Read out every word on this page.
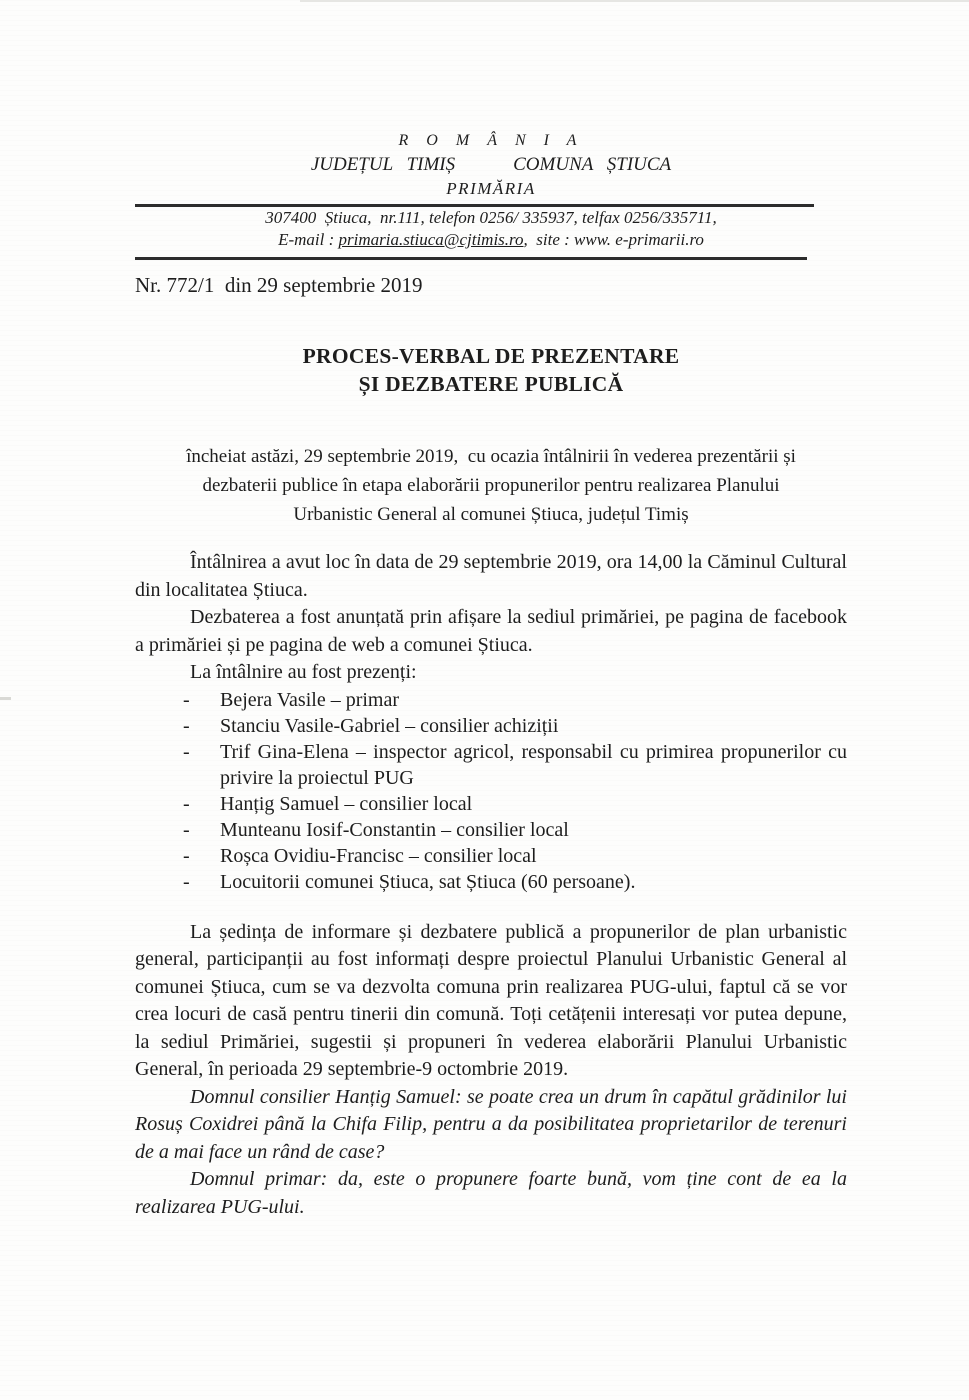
R O M Â N I A
JUDEȚUL TIMIȘ	COMUNA ȘTIUCA
PRIMĂRIA
307400  Știuca,  nr.111, telefon 0256/ 335937, telfax 0256/335711,
E-mail : primaria.stiuca@cjtimis.ro,  site : www. e-primarii.ro
Nr. 772/1  din 29 septembrie 2019
PROCES-VERBAL DE PREZENTARE
ȘI DEZBATERE PUBLICĂ
încheiat astăzi, 29 septembrie 2019,  cu ocazia întâlnirii în vederea prezentării și
dezbaterii publice în etapa elaborării propunerilor pentru realizarea Planului
Urbanistic General al comunei Știuca, județul Timiș

Întâlnirea a avut loc în data de 29 septembrie 2019, ora 14,00 la Căminul Cultural din localitatea Știuca.

Dezbaterea a fost anunțată prin afișare la sediul primăriei, pe pagina de facebook a primăriei și pe pagina de web a comunei Știuca.

La întâlnire au fost prezenți:

-	Bejera Vasile – primar
-	Stanciu Vasile-Gabriel – consilier achiziții
-	Trif Gina-Elena – inspector agricol, responsabil cu primirea propunerilor cu privire la proiectul PUG
-	Hanțig Samuel – consilier local
-	Munteanu Iosif-Constantin – consilier local
-	Roșca Ovidiu-Francisc – consilier local
-	Locuitorii comunei Știuca, sat Știuca (60 persoane).

La ședința de informare și dezbatere publică a propunerilor de plan urbanistic general, participanții au fost informați despre proiectul Planului Urbanistic General al comunei Știuca, cum se va dezvolta comuna prin realizarea PUG-ului, faptul că se vor crea locuri de casă pentru tinerii din comună. Toți cetățenii interesați vor putea depune, la sediul Primăriei, sugestii și propuneri în vederea elaborării Planului Urbanistic General, în perioada 29 septembrie-9 octombrie 2019.

Domnul consilier Hanțig Samuel: se poate crea un drum în capătul grădinilor lui Rosuș Coxidrei până la Chifa Filip, pentru a da posibilitatea proprietarilor de terenuri de a mai face un rând de case?

Domnul primar: da, este o propunere foarte bună, vom ține cont de ea la realizarea PUG-ului.
